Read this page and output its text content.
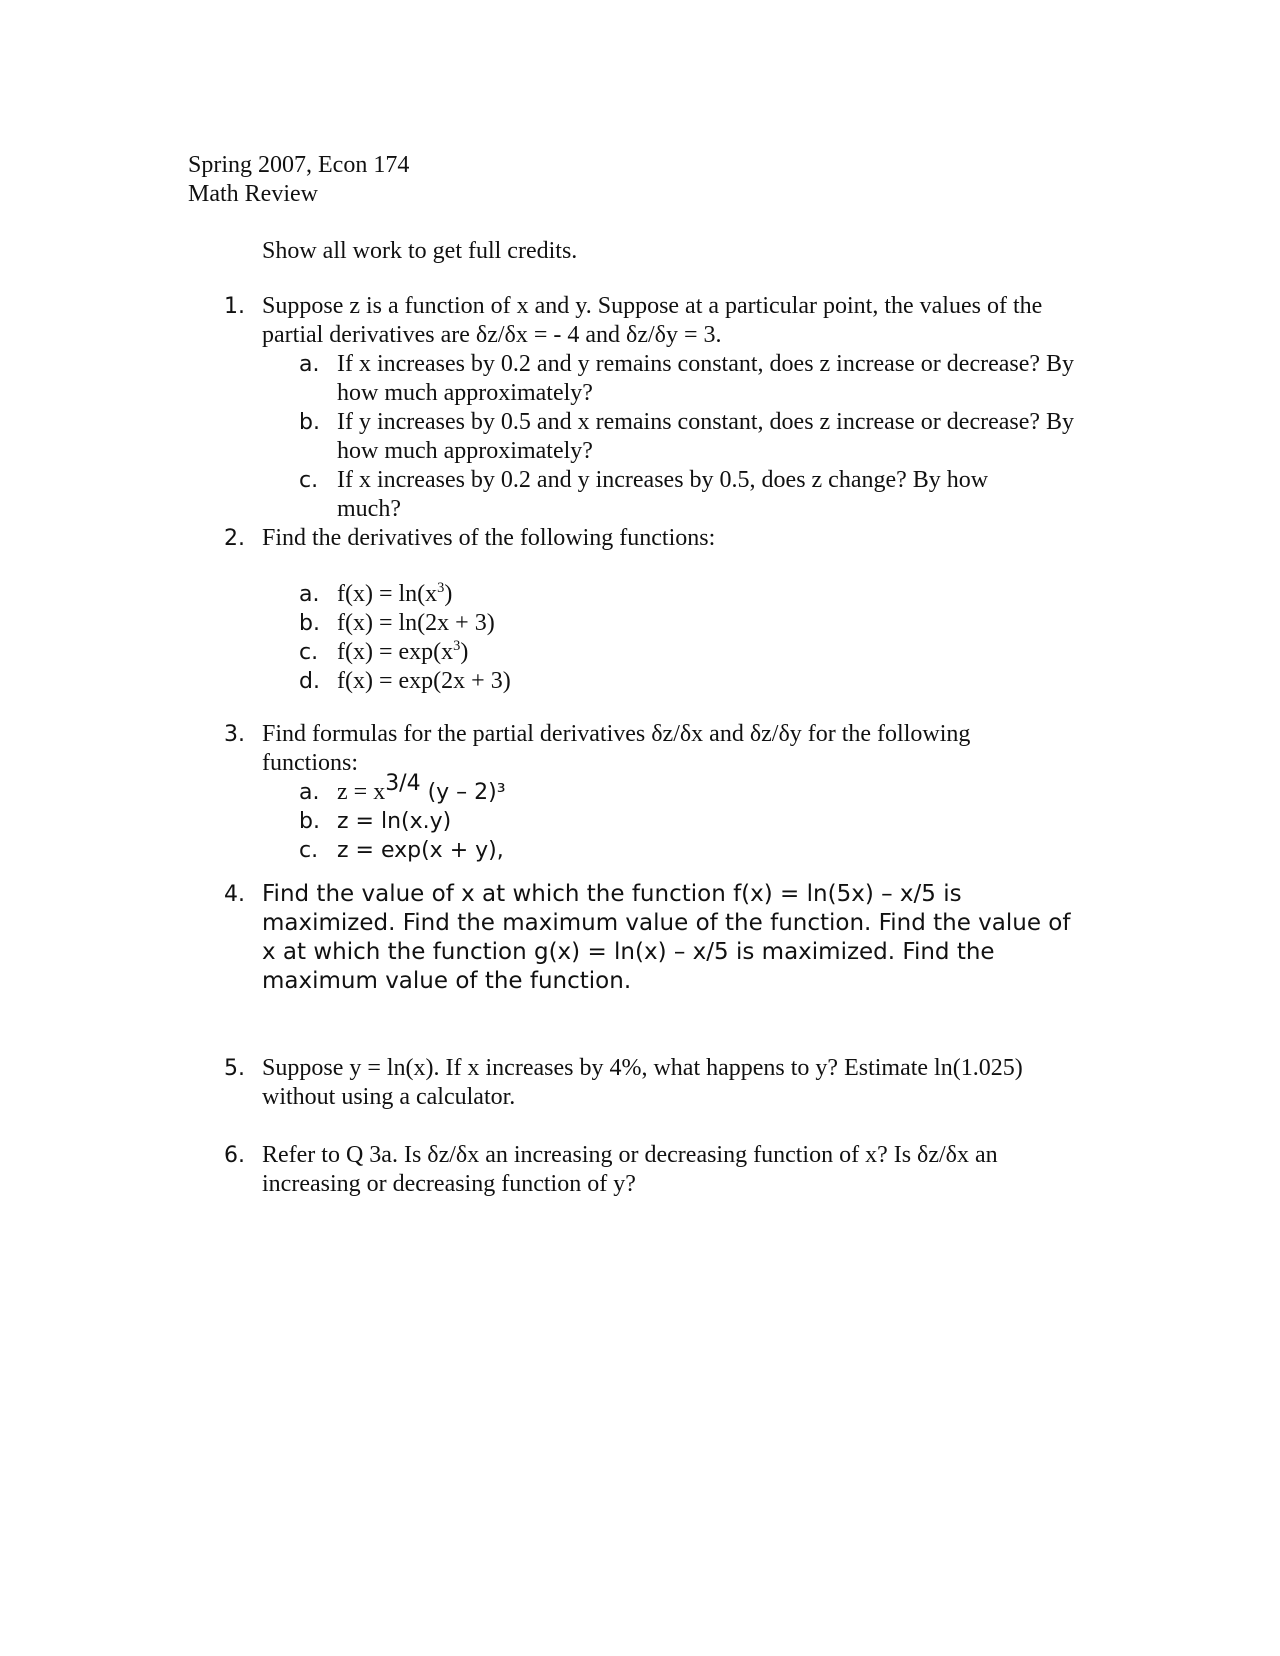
Spring 2007, Econ 174
Math Review
Show all work to get full credits.
1. Suppose z is a function of x and y. Suppose at a particular point, the values of the partial derivatives are δz/δx = - 4 and δz/δy = 3.
a. If x increases by 0.2 and y remains constant, does z increase or decrease? By how much approximately?
b. If y increases by 0.5 and x remains constant, does z increase or decrease? By how much approximately?
c. If x increases by 0.2 and y increases by 0.5, does z change? By how much?
2. Find the derivatives of the following functions:
a. $f(x) = \ln(x^3)$
b. f(x) = ln(2x + 3)
c. $f(x) = \exp(x^3)$
d. f(x) = exp(2x + 3)
3. Find formulas for the partial derivatives δz/δx and δz/δy for the following functions:
a. $z = x^{3/4}$ (y – 2)³
b. z = ln(x.y)
c. z = exp(x + y),
4. Find the value of x at which the function f(x) = ln(5x) – x/5 is maximized. Find the maximum value of the function. Find the value of x at which the function g(x) = ln(x) – x/5 is maximized. Find the maximum value of the function.
5. Suppose y = ln(x). If x increases by 4%, what happens to y? Estimate ln(1.025) without using a calculator.
6. Refer to Q 3a. Is δz/δx an increasing or decreasing function of x? Is δz/δx an increasing or decreasing function of y?
